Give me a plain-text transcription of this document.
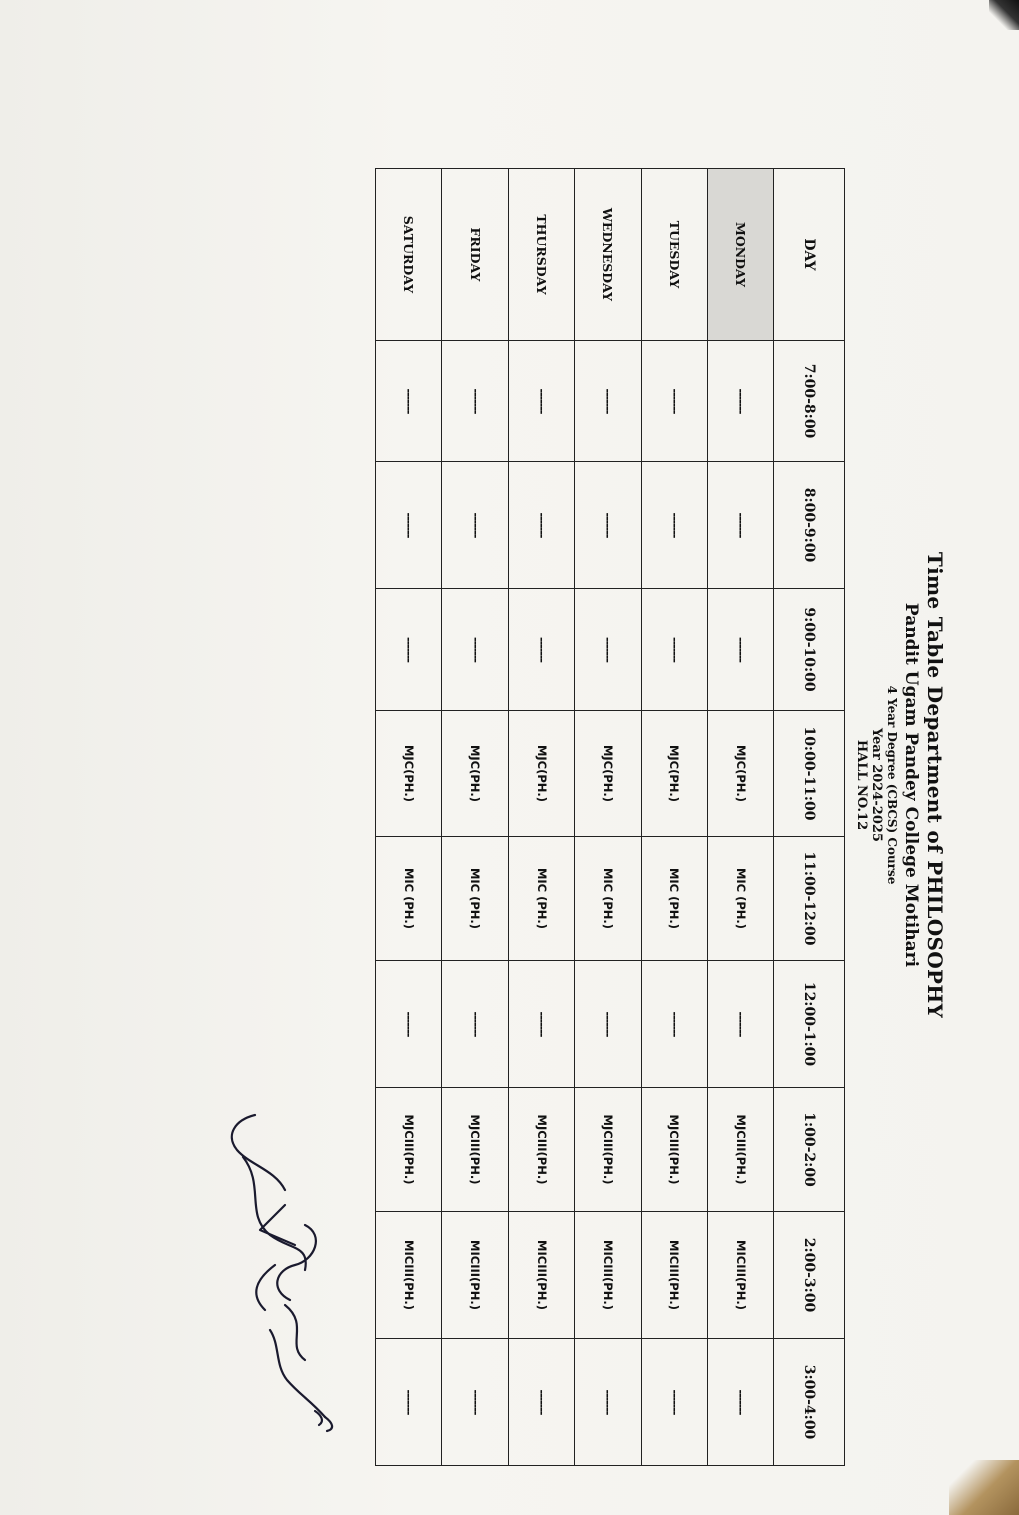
Time Table Department of PHILOSOPHY
Pandit Ugam Pandey College Motihari
4 Year Degree (CBCS) Course
Year 2024-2025
HALL NO.12
DAY	7:00-8:00	8:00-9:00	9:00-10:00	10:00-11:00	11:00-12:00	12:00-1:00	1:00-2:00	2:00-3:00	3:00-4:00
MONDAY	-------	-------	-------	MJC(PH.)	MIC (PH.)	-------	MJCIII(PH.)	MICIII(PH.)	-------
TUESDAY	-------	-------	-------	MJC(PH.)	MIC (PH.)	-------	MJCIII(PH.)	MICIII(PH.)	-------
WEDNESDAY	-------	-------	-------	MJC(PH.)	MIC (PH.)	-------	MJCIII(PH.)	MICIII(PH.)	-------
THURSDAY	-------	-------	-------	MJC(PH.)	MIC (PH.)	-------	MJCIII(PH.)	MICIII(PH.)	-------
FRIDAY	-------	-------	-------	MJC(PH.)	MIC (PH.)	-------	MJCIII(PH.)	MICIII(PH.)	-------
SATURDAY	-------	-------	-------	MJC(PH.)	MIC (PH.)	-------	MJCIII(PH.)	MICIII(PH.)	-------
